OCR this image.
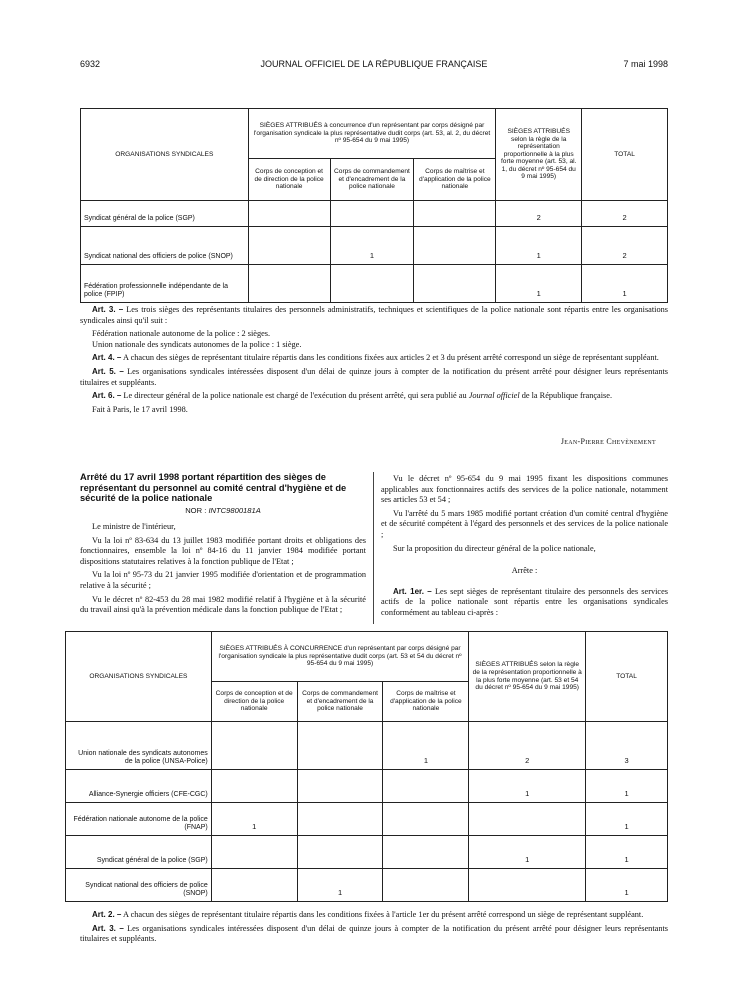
6932	JOURNAL OFFICIEL DE LA RÉPUBLIQUE FRANÇAISE	7 mai 1998
ORGANISATIONS SYNDICALES	SIÈGES ATTRIBUÉS à concurrence d'un représentant par corps désigné par l'organisation syndicale la plus représentative dudit corps (art. 53, al. 2, du décret nº 95-654 du 9 mai 1995)			SIÈGES ATTRIBUÉS selon la règle de la représentation proportionnelle à la plus forte moyenne (art. 53, al. 1, du décret nº 95-654 du 9 mai 1995)	TOTAL
	Corps de conception et de direction de la police nationale	Corps de commandement et d'encadrement de la police nationale	Corps de maîtrise et d'application de la police nationale		
Syndicat général de la police (SGP)				2	2
Syndicat national des officiers de police (SNOP)		1		1	2
Fédération professionnelle indépendante de la police (FPIP)				1	1

Art. 3. – Les trois sièges des représentants titulaires des personnels administratifs, techniques et scientifiques de la police nationale sont répartis entre les organisations syndicales ainsi qu'il suit :

Fédération nationale autonome de la police : 2 sièges.

Union nationale des syndicats autonomes de la police : 1 siège.

Art. 4. – A chacun des sièges de représentant titulaire répartis dans les conditions fixées aux articles 2 et 3 du présent arrêté correspond un siège de représentant suppléant.

Art. 5. – Les organisations syndicales intéressées disposent d'un délai de quinze jours à compter de la notification du présent arrêté pour désigner leurs représentants titulaires et suppléants.

Art. 6. – Le directeur général de la police nationale est chargé de l'exécution du présent arrêté, qui sera publié au Journal officiel de la République française.

Fait à Paris, le 17 avril 1998.

Jean-Pierre Chevènement
Arrêté du 17 avril 1998 portant répartition des sièges de représentant du personnel au comité central d'hygiène et de sécurité de la police nationale
NOR : INTC9800181A

Le ministre de l'intérieur,

Vu la loi nº 83-634 du 13 juillet 1983 modifiée portant droits et obligations des fonctionnaires, ensemble la loi nº 84-16 du 11 janvier 1984 modifiée portant dispositions statutaires relatives à la fonction publique de l'Etat ;

Vu la loi nº 95-73 du 21 janvier 1995 modifiée d'orientation et de programmation relative à la sécurité ;

Vu le décret nº 82-453 du 28 mai 1982 modifié relatif à l'hygiène et à la sécurité du travail ainsi qu'à la prévention médicale dans la fonction publique de l'Etat ;

Vu le décret nº 95-654 du 9 mai 1995 fixant les dispositions communes applicables aux fonctionnaires actifs des services de la police nationale, notamment ses articles 53 et 54 ;

Vu l'arrêté du 5 mars 1985 modifié portant création d'un comité central d'hygiène et de sécurité compétent à l'égard des personnels et des services de la police nationale ;

Sur la proposition du directeur général de la police nationale,

Arrête :

Art. 1er. – Les sept sièges de représentant titulaire des personnels des services actifs de la police nationale sont répartis entre les organisations syndicales conformément au tableau ci-après :

ORGANISATIONS SYNDICALES	SIÈGES ATTRIBUÉS À CONCURRENCE d'un représentant par corps désigné par l'organisation syndicale la plus représentative dudit corps (art. 53 et 54 du décret nº 95-654 du 9 mai 1995)			SIÈGES ATTRIBUÉS selon la règle de la représentation proportionnelle à la plus forte moyenne (art. 53 et 54 du décret nº 95-654 du 9 mai 1995)	TOTAL
	Corps de conception et de direction de la police nationale	Corps de commandement et d'encadrement de la police nationale	Corps de maîtrise et d'application de la police nationale		
Union nationale des syndicats autonomes de la police (UNSA-Police)			1	2	3
Alliance-Synergie officiers (CFE-CGC)				1	1
Fédération nationale autonome de la police (FNAP)	1				1
Syndicat général de la police (SGP)				1	1
Syndicat national des officiers de police (SNOP)		1			1

Art. 2. – A chacun des sièges de représentant titulaire répartis dans les conditions fixées à l'article 1er du présent arrêté correspond un siège de représentant suppléant.

Art. 3. – Les organisations syndicales intéressées disposent d'un délai de quinze jours à compter de la notification du présent arrêté pour désigner leurs représentants titulaires et suppléants.
